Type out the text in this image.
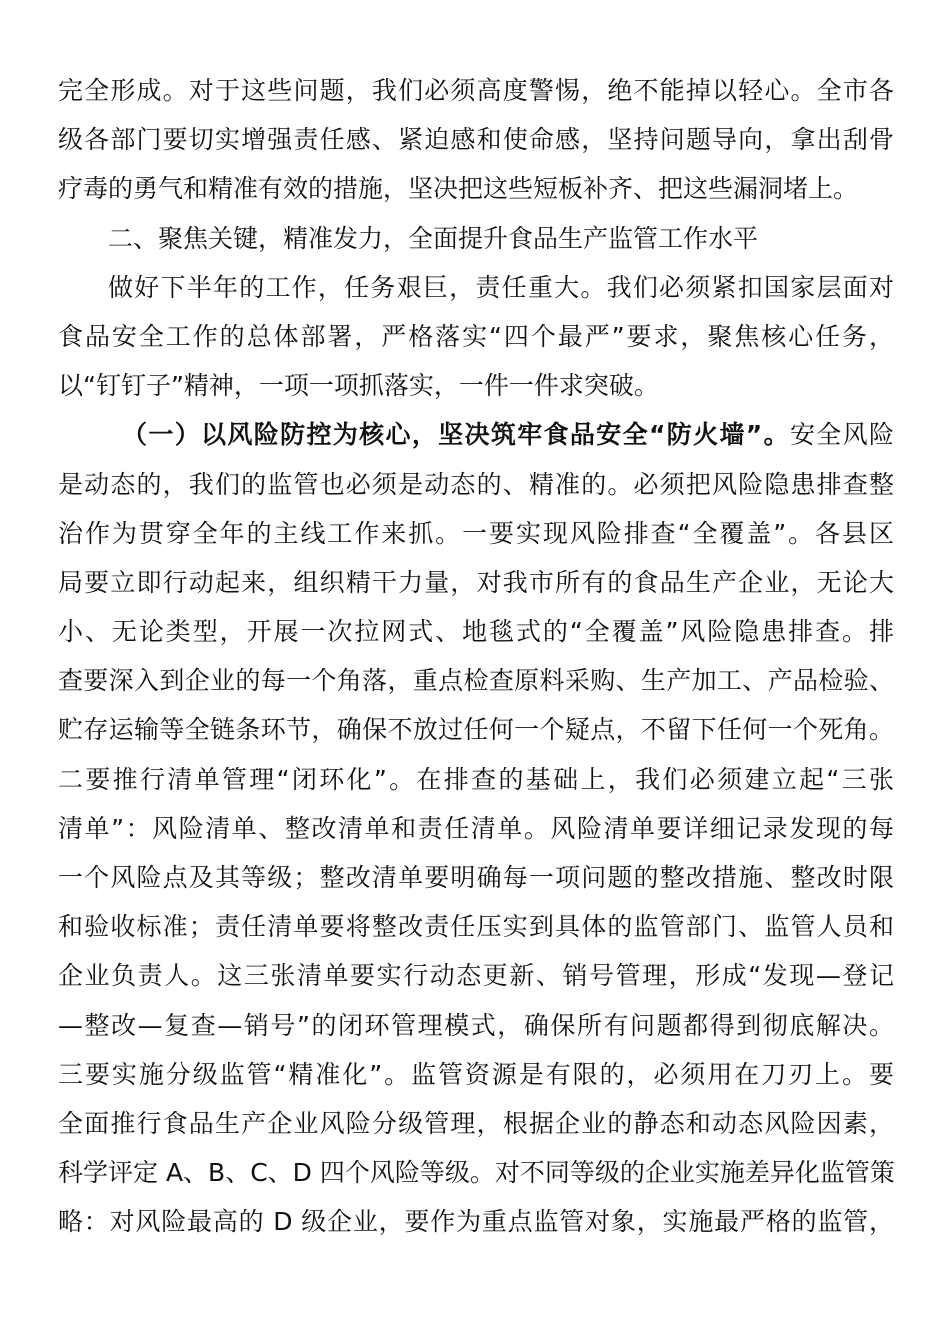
完全形成。对于这些问题，我们必须高度警惕，绝不能掉以轻心。全市各
级各部门要切实增强责任感、紧迫感和使命感，坚持问题导向，拿出刮骨
疗毒的勇气和精准有效的措施，坚决把这些短板补齐、把这些漏洞堵上。
二、聚焦关键，精准发力，全面提升食品生产监管工作水平
做好下半年的工作，任务艰巨，责任重大。我们必须紧扣国家层面对
食品安全工作的总体部署，严格落实“四个最严”要求，聚焦核心任务，
以“钉钉子”精神，一项一项抓落实，一件一件求突破。
（一）以风险防控为核心，坚决筑牢食品安全“防火墙”。安全风险
是动态的，我们的监管也必须是动态的、精准的。必须把风险隐患排查整
治作为贯穿全年的主线工作来抓。一要实现风险排查“全覆盖”。各县区
局要立即行动起来，组织精干力量，对我市所有的食品生产企业，无论大
小、无论类型，开展一次拉网式、地毯式的“全覆盖”风险隐患排查。排
查要深入到企业的每一个角落，重点检查原料采购、生产加工、产品检验、
贮存运输等全链条环节，确保不放过任何一个疑点，不留下任何一个死角。
二要推行清单管理“闭环化”。在排查的基础上，我们必须建立起“三张
清单”：风险清单、整改清单和责任清单。风险清单要详细记录发现的每
一个风险点及其等级；整改清单要明确每一项问题的整改措施、整改时限
和验收标准；责任清单要将整改责任压实到具体的监管部门、监管人员和
企业负责人。这三张清单要实行动态更新、销号管理，形成“发现—登记
—整改—复查—销号”的闭环管理模式，确保所有问题都得到彻底解决。
三要实施分级监管“精准化”。监管资源是有限的，必须用在刀刃上。要
全面推行食品生产企业风险分级管理，根据企业的静态和动态风险因素，
科学评定 A、B、C、D 四个风险等级。对不同等级的企业实施差异化监管策
略：对风险最高的 D 级企业，要作为重点监管对象，实施最严格的监管，
